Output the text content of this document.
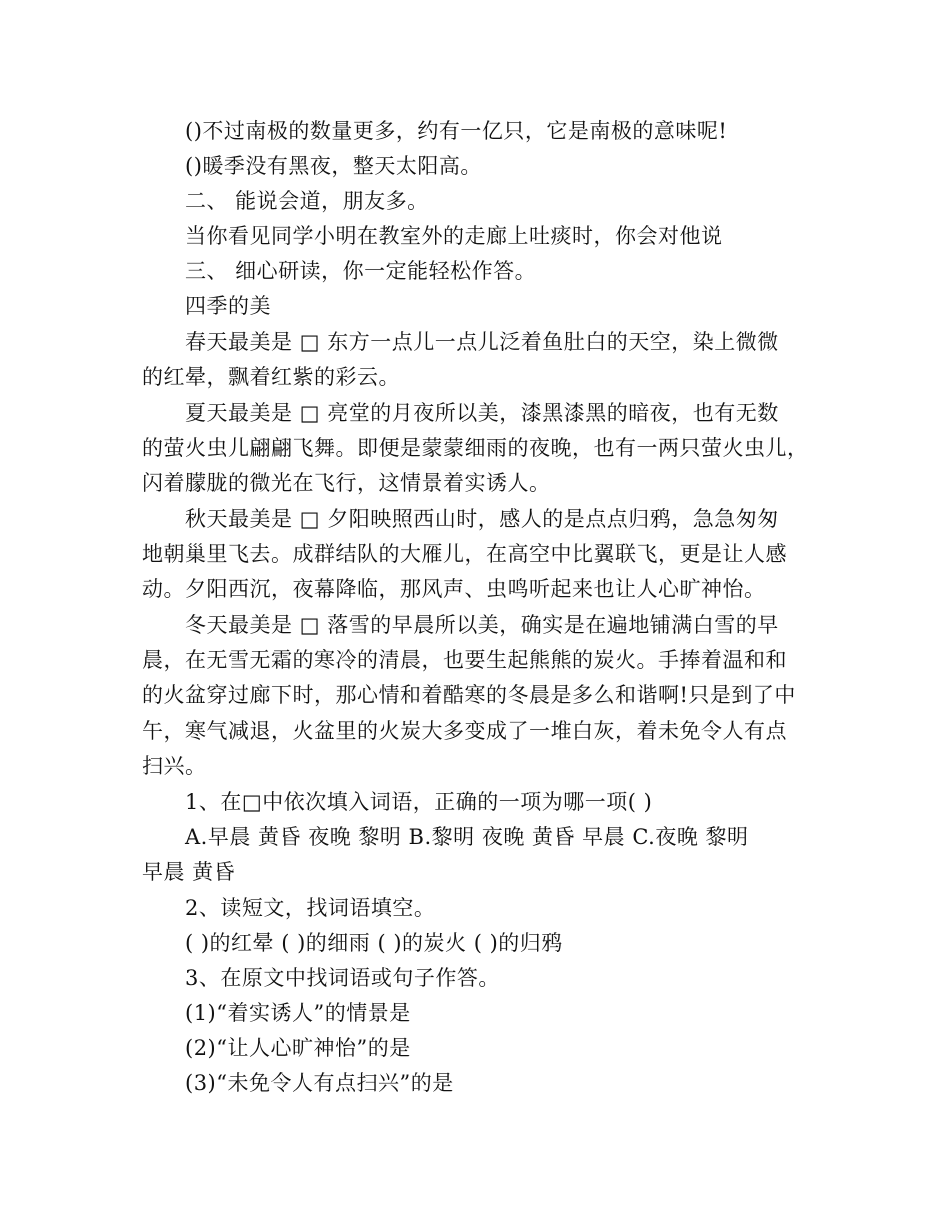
()不过南极的数量更多，约有一亿只，它是南极的意味呢!
()暖季没有黑夜，整天太阳高。
二、 能说会道，朋友多。
当你看见同学小明在教室外的走廊上吐痰时，你会对他说
三、 细心研读，你一定能轻松作答。
四季的美
春天最美是 □ 东方一点儿一点儿泛着鱼肚白的天空，染上微微
的红晕，飘着红紫的彩云。
夏天最美是 □ 亮堂的月夜所以美，漆黑漆黑的暗夜，也有无数
的萤火虫儿翩翩飞舞。即便是蒙蒙细雨的夜晚，也有一两只萤火虫儿，
闪着朦胧的微光在飞行，这情景着实诱人。
秋天最美是 □ 夕阳映照西山时，感人的是点点归鸦，急急匆匆
地朝巢里飞去。成群结队的大雁儿，在高空中比翼联飞，更是让人感
动。夕阳西沉，夜幕降临，那风声、虫鸣听起来也让人心旷神怡。
冬天最美是 □ 落雪的早晨所以美，确实是在遍地铺满白雪的早
晨，在无雪无霜的寒冷的清晨，也要生起熊熊的炭火。手捧着温和和
的火盆穿过廊下时，那心情和着酷寒的冬晨是多么和谐啊!只是到了中
午，寒气减退，火盆里的火炭大多变成了一堆白灰，着未免令人有点
扫兴。
1、在□中依次填入词语，正确的一项为哪一项( )
A.早晨 黄昏 夜晚 黎明 B.黎明 夜晚 黄昏 早晨 C.夜晚 黎明
早晨 黄昏
2、读短文，找词语填空。
( )的红晕 ( )的细雨 ( )的炭火 ( )的归鸦
3、在原文中找词语或句子作答。
(1)“着实诱人”的情景是
(2)“让人心旷神怡”的是
(3)“未免令人有点扫兴”的是
